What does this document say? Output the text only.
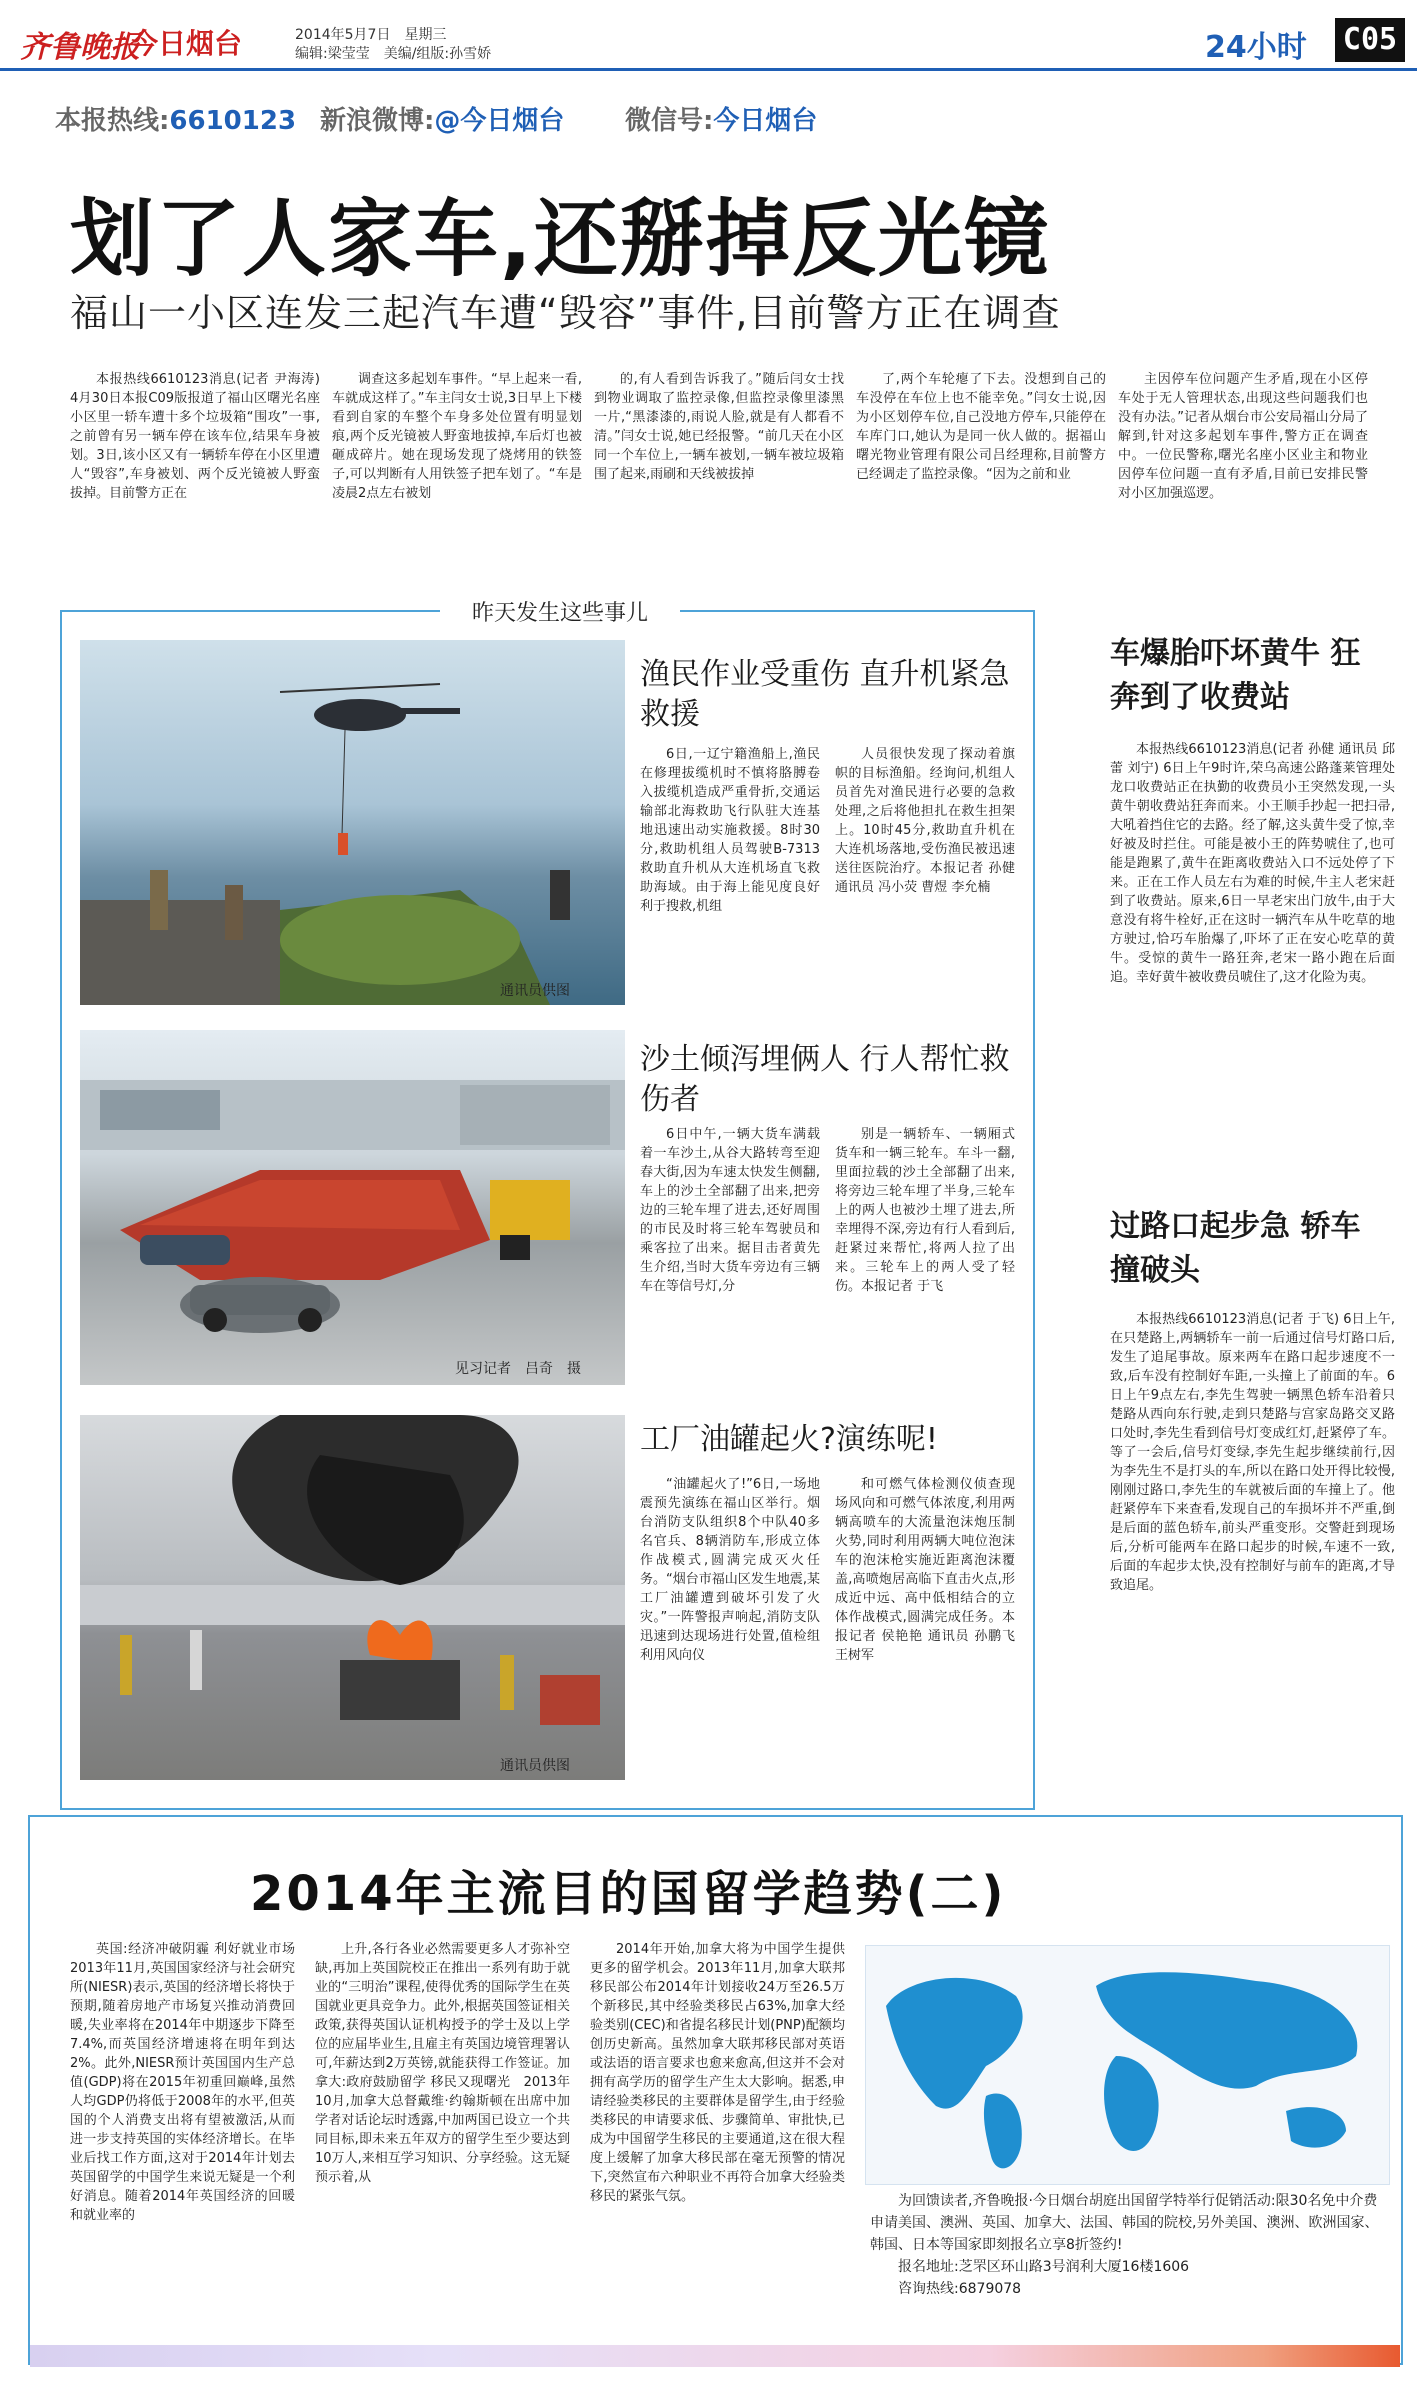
齐鲁晚报
今日烟台	2014年5月7日　星期三
编辑:梁莹莹　美编/组版:孙雪娇	24小时 C05
本报热线:6610123 新浪微博:@今日烟台 微信号:今日烟台
划了人家车,还掰掉反光镜
福山一小区连发三起汽车遭“毁容”事件,目前警方正在调查

本报热线6610123消息(记者 尹海涛) 4月30日本报C09版报道了福山区曙光名座小区里一轿车遭十多个垃圾箱“围攻”一事,之前曾有另一辆车停在该车位,结果车身被划。3日,该小区又有一辆轿车停在小区里遭人“毁容”,车身被划、两个反光镜被人野蛮拔掉。目前警方正在

调查这多起划车事件。“早上起来一看,车就成这样了。”车主闫女士说,3日早上下楼看到自家的车整个车身多处位置有明显划痕,两个反光镜被人野蛮地拔掉,车后灯也被砸成碎片。她在现场发现了烧烤用的铁签子,可以判断有人用铁签子把车划了。“车是凌晨2点左右被划

的,有人看到告诉我了。”随后闫女士找到物业调取了监控录像,但监控录像里漆黑一片,“黑漆漆的,雨说人脸,就是有人都看不清。”闫女士说,她已经报警。“前几天在小区同一个车位上,一辆车被划,一辆车被垃圾箱围了起来,雨刷和天线被拔掉

了,两个车轮瘪了下去。没想到自己的车没停在车位上也不能幸免。”闫女士说,因为小区划停车位,自己没地方停车,只能停在车库门口,她认为是同一伙人做的。据福山曙光物业管理有限公司吕经理称,目前警方已经调走了监控录像。“因为之前和业

主因停车位问题产生矛盾,现在小区停车处于无人管理状态,出现这些问题我们也没有办法。”记者从烟台市公安局福山分局了解到,针对这多起划车事件,警方正在调查中。一位民警称,曙光名座小区业主和物业因停车位问题一直有矛盾,目前已安排民警对小区加强巡逻。

昨天发生这些事儿
通讯员供图
渔民作业受重伤 直升机紧急救援

6日,一辽宁籍渔船上,渔民在修理拔缆机时不慎将胳膊卷入拔缆机造成严重骨折,交通运输部北海救助飞行队驻大连基地迅速出动实施救援。8时30分,救助机组人员驾驶B-7313救助直升机从大连机场直飞救助海域。由于海上能见度良好利于搜救,机组

人员很快发现了探动着旗帜的目标渔船。经询问,机组人员首先对渔民进行必要的急救处理,之后将他担扎在救生担架上。10时45分,救助直升机在大连机场落地,受伤渔民被迅速送往医院治疗。本报记者 孙健 通讯员 冯小荧 曹煜 李允楠

见习记者　吕奇　摄
沙土倾泻埋俩人 行人帮忙救伤者

6日中午,一辆大货车满载着一车沙土,从谷大路转弯至迎春大街,因为车速太快发生侧翻,车上的沙土全部翻了出来,把旁边的三轮车埋了进去,还好周围的市民及时将三轮车驾驶员和乘客拉了出来。据目击者黄先生介绍,当时大货车旁边有三辆车在等信号灯,分

别是一辆轿车、一辆厢式货车和一辆三轮车。车斗一翻,里面拉载的沙土全部翻了出来,将旁边三轮车埋了半身,三轮车上的两人也被沙土埋了进去,所幸埋得不深,旁边有行人看到后,赶紧过来帮忙,将两人拉了出来。三轮车上的两人受了轻伤。本报记者 于飞

通讯员供图
工厂油罐起火?演练呢!

“油罐起火了!”6日,一场地震预先演练在福山区举行。烟台消防支队组织8个中队40多名官兵、8辆消防车,形成立体作战模式,圆满完成灭火任务。“烟台市福山区发生地震,某工厂油罐遭到破坏引发了火灾。”一阵警报声响起,消防支队迅速到达现场进行处置,值检组利用风向仪

和可燃气体检测仪侦查现场风向和可燃气体浓度,利用两辆高喷车的大流量泡沫炮压制火势,同时利用两辆大吨位泡沫车的泡沫枪实施近距离泡沫覆盖,高喷炮居高临下直击火点,形成近中远、高中低相结合的立体作战模式,圆满完成任务。本报记者 侯艳艳 通讯员 孙鹏飞 王树军

车爆胎吓坏黄牛 狂奔到了收费站

本报热线6610123消息(记者 孙健 通讯员 邱蕾 刘宁) 6日上午9时许,荣乌高速公路蓬莱管理处龙口收费站正在执勤的收费员小王突然发现,一头黄牛朝收费站狂奔而来。小王顺手抄起一把扫帚,大吼着挡住它的去路。经了解,这头黄牛受了惊,幸好被及时拦住。可能是被小王的阵势唬住了,也可能是跑累了,黄牛在距离收费站入口不远处停了下来。正在工作人员左右为难的时候,牛主人老宋赶到了收费站。原来,6日一早老宋出门放牛,由于大意没有将牛栓好,正在这时一辆汽车从牛吃草的地方驶过,恰巧车胎爆了,吓坏了正在安心吃草的黄牛。受惊的黄牛一路狂奔,老宋一路小跑在后面追。幸好黄牛被收费员唬住了,这才化险为夷。

过路口起步急 轿车撞破头

本报热线6610123消息(记者 于飞) 6日上午,在只楚路上,两辆轿车一前一后通过信号灯路口后,发生了追尾事故。原来两车在路口起步速度不一致,后车没有控制好车距,一头撞上了前面的车。6日上午9点左右,李先生驾驶一辆黑色轿车沿着只楚路从西向东行驶,走到只楚路与宫家岛路交叉路口处时,李先生看到信号灯变成红灯,赶紧停了车。等了一会后,信号灯变绿,李先生起步继续前行,因为李先生不是打头的车,所以在路口处开得比较慢,刚刚过路口,李先生的车就被后面的车撞上了。他赶紧停车下来查看,发现自己的车损坏并不严重,倒是后面的蓝色轿车,前头严重变形。交警赶到现场后,分析可能两车在路口起步的时候,车速不一致,后面的车起步太快,没有控制好与前车的距离,才导致追尾。

2014年主流目的国留学趋势(二)

英国:经济冲破阴霾 利好就业市场　2013年11月,英国国家经济与社会研究所(NIESR)表示,英国的经济增长将快于预期,随着房地产市场复兴推动消费回暖,失业率将在2014年中期逐步下降至7.4%,而英国经济增速将在明年到达2%。此外,NIESR预计英国国内生产总值(GDP)将在2015年初重回巅峰,虽然人均GDP仍将低于2008年的水平,但英国的个人消费支出将有望被激活,从而进一步支持英国的实体经济增长。在毕业后找工作方面,这对于2014年计划去英国留学的中国学生来说无疑是一个利好消息。随着2014年英国经济的回暖和就业率的

上升,各行各业必然需要更多人才弥补空缺,再加上英国院校正在推出一系列有助于就业的“三明治”课程,使得优秀的国际学生在英国就业更具竞争力。此外,根据英国签证相关政策,获得英国认证机构授予的学士及以上学位的应届毕业生,且雇主有英国边境管理署认可,年薪达到2万英镑,就能获得工作签证。加拿大:政府鼓励留学 移民又现曙光　2013年10月,加拿大总督戴维·约翰斯顿在出席中加学者对话论坛时透露,中加两国已设立一个共同目标,即未来五年双方的留学生至少要达到10万人,来相互学习知识、分享经验。这无疑预示着,从

2014年开始,加拿大将为中国学生提供更多的留学机会。2013年11月,加拿大联邦移民部公布2014年计划接收24万至26.5万个新移民,其中经验类移民占63%,加拿大经验类别(CEC)和省提名移民计划(PNP)配额均创历史新高。虽然加拿大联邦移民部对英语或法语的语言要求也愈来愈高,但这并不会对拥有高学历的留学生产生太大影响。据悉,申请经验类移民的主要群体是留学生,由于经验类移民的申请要求低、步骤简单、审批快,已成为中国留学生移民的主要通道,这在很大程度上缓解了加拿大移民部在毫无预警的情况下,突然宣布六种职业不再符合加拿大经验类移民的紧张气氛。	为回馈读者,齐鲁晚报·今日烟台胡庭出国留学特举行促销活动:限30名免中介费申请美国、澳洲、英国、加拿大、法国、韩国的院校,另外美国、澳洲、欧洲国家、韩国、日本等国家即刻报名立享8折签约!
报名地址:芝罘区环山路3号润利大厦16楼1606
咨询热线:6879078
